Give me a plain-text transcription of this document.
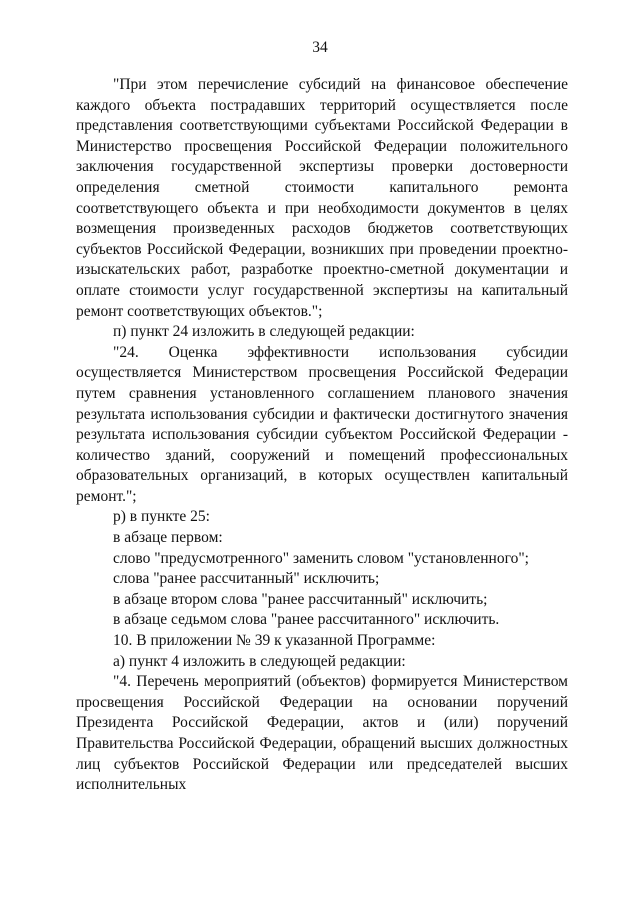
34

"При этом перечисление субсидий на финансовое обеспечение каждого объекта пострадавших территорий осуществляется после представления соответствующими субъектами Российской Федерации в Министерство просвещения Российской Федерации положительного заключения государственной экспертизы проверки достоверности определения сметной стоимости капитального ремонта соответствующего объекта и при необходимости документов в целях возмещения произведенных расходов бюджетов соответствующих субъектов Российской Федерации, возникших при проведении проектно-изыскательских работ, разработке проектно-сметной документации и оплате стоимости услуг государственной экспертизы на капитальный ремонт соответствующих объектов.";

п) пункт 24 изложить в следующей редакции:

"24. Оценка эффективности использования субсидии осуществляется Министерством просвещения Российской Федерации путем сравнения установленного соглашением планового значения результата использования субсидии и фактически достигнутого значения результата использования субсидии субъектом Российской Федерации - количество зданий, сооружений и помещений профессиональных образовательных организаций, в которых осуществлен капитальный ремонт.";

р) в пункте 25:

в абзаце первом:

слово "предусмотренного" заменить словом "установленного";

слова "ранее рассчитанный" исключить;

в абзаце втором слова "ранее рассчитанный" исключить;

в абзаце седьмом слова "ранее рассчитанного" исключить.

10. В приложении № 39 к указанной Программе:

а) пункт 4 изложить в следующей редакции:

"4. Перечень мероприятий (объектов) формируется Министерством просвещения Российской Федерации на основании поручений Президента Российской Федерации, актов и (или) поручений Правительства Российской Федерации, обращений высших должностных лиц субъектов Российской Федерации или председателей высших исполнительных
